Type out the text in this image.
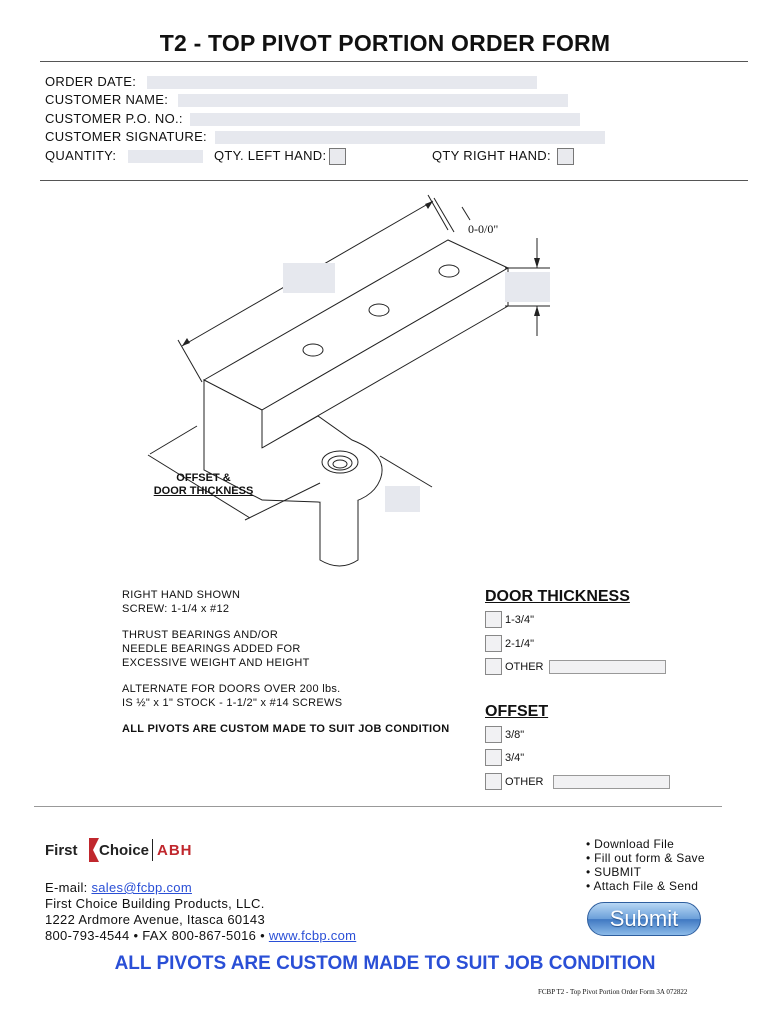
T2 - TOP PIVOT PORTION ORDER FORM
ORDER DATE:
CUSTOMER NAME:
CUSTOMER P.O. NO.:
CUSTOMER SIGNATURE:
QUANTITY:	QTY. LEFT HAND:	QTY RIGHT HAND:
0-0/0"
OFFSET &
DOOR THICKNESS
RIGHT HAND SHOWN
SCREW: 1-1/4 x #12
THRUST BEARINGS AND/OR
NEEDLE BEARINGS ADDED FOR
EXCESSIVE WEIGHT AND HEIGHT
ALTERNATE FOR DOORS OVER 200 lbs.
IS ½" x 1" STOCK - 1-1/2" x #14 SCREWS
ALL PIVOTS ARE CUSTOM MADE TO SUIT JOB CONDITION
DOOR THICKNESS
1-3/4"
2-1/4"
OTHER
OFFSET
3/8"
3/4"
OTHER
First Choice ABH
E-mail: sales@fcbp.com
First Choice Building Products, LLC.
1222 Ardmore Avenue, Itasca 60143
800-793-4544 • FAX 800-867-5016 • www.fcbp.com
• Download File
• Fill out form & Save
• SUBMIT
• Attach File & Send
Submit
ALL PIVOTS ARE CUSTOM MADE TO SUIT JOB CONDITION
FCBP T2 - Top Pivot Portion Order Form 3A 072822
